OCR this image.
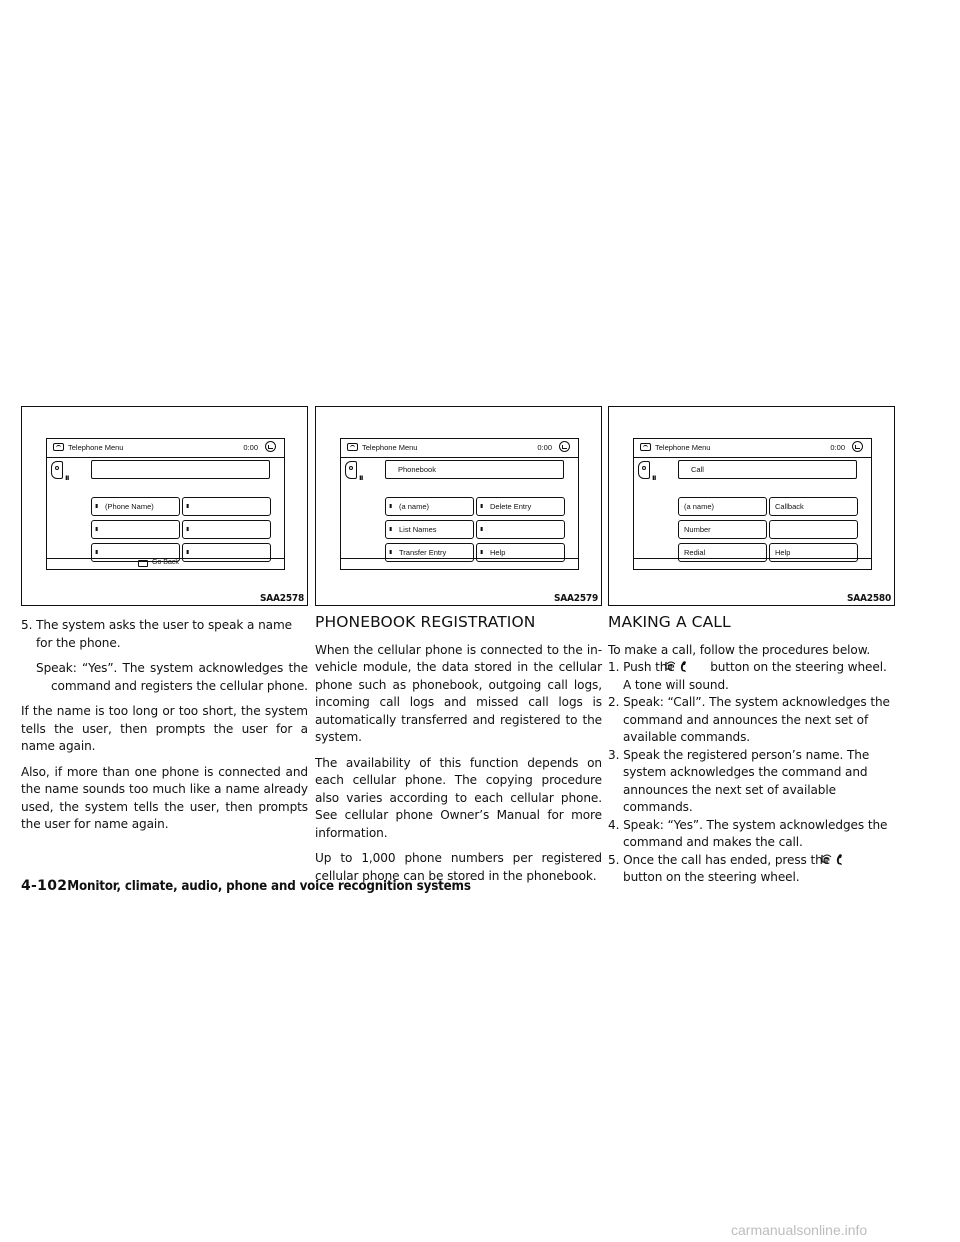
Telephone Menu	0:00
ıı
ıı (Phone Name)	ıı
ıı	ıı
ıı	ıı
Go Back
SAA2578
Telephone Menu	0:00
ıı
Phonebook
ıı (a name)	ıı Delete Entry
ıı List Names	ıı
ıı Transfer Entry	ıı Help
SAA2579
Telephone Menu	0:00
ıı
Call
(a name)	Callback
Number
Redial	Help
SAA2580

5. The system asks the user to speak a name for the phone.

Speak: “Yes”. The system acknowledges the command and registers the cellular phone.

If the name is too long or too short, the system tells the user, then prompts the user for a name again.

Also, if more than one phone is connected and the name sounds too much like a name already used, the system tells the user, then prompts the user for name again.

PHONEBOOK REGISTRATION

When the cellular phone is connected to the in-vehicle module, the data stored in the cellular phone such as phonebook, outgoing call logs, incoming call logs and missed call logs is automatically transferred and registered to the system.

The availability of this function depends on each cellular phone. The copying procedure also varies according to each cellular phone. See cellular phone Owner’s Manual for more information.

Up to 1,000 phone numbers per registered cellular phone can be stored in the phonebook.

MAKING A CALL

To make a call, follow the procedures below.

1. Push the	button on the steering wheel. A tone will sound.

2. Speak: “Call”. The system acknowledges the command and announces the next set of available commands.

3. Speak the registered person’s name. The system acknowledges the command and announces the next set of available commands.

4. Speak: “Yes”. The system acknowledges the command and makes the call.

5. Once the call has ended, press the  button on the steering wheel.

4-102Monitor, climate, audio, phone and voice recognition systems
carmanualsonline.info
